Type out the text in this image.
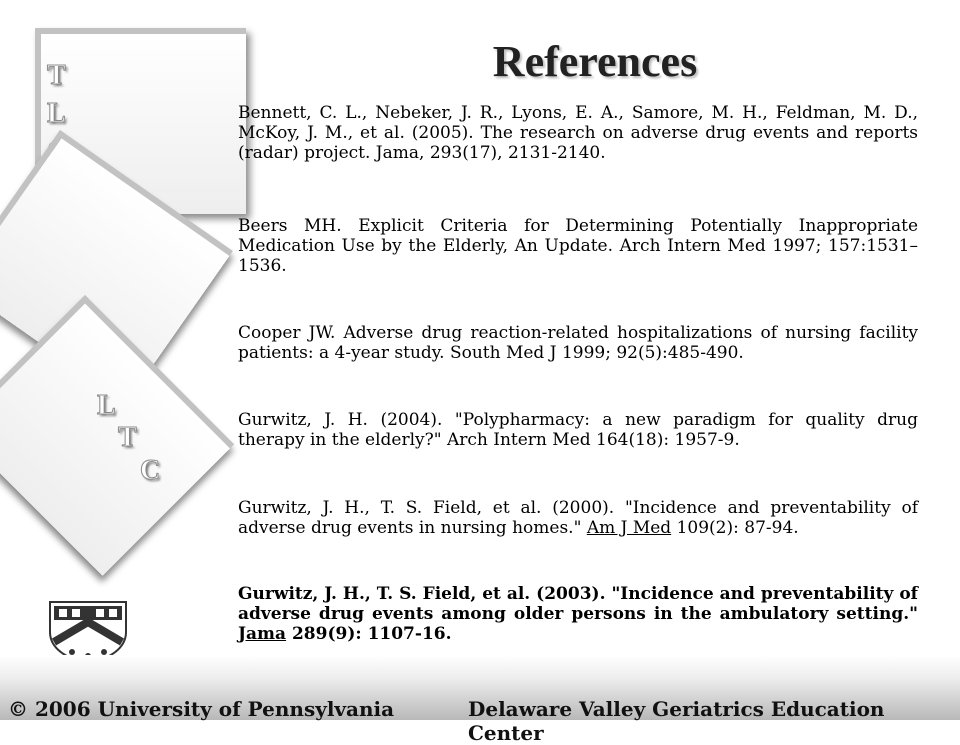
T
L
L
T
C
References
Bennett, C. L., Nebeker, J. R., Lyons, E. A., Samore, M. H., Feldman, M. D., McKoy, J. M., et al. (2005). The research on adverse drug events and reports (radar) project. Jama, 293(17), 2131-2140.
Beers MH. Explicit Criteria for Determining Potentially Inappropriate Medication Use by the Elderly, An Update. Arch Intern Med 1997; 157:1531– 1536.
Cooper JW. Adverse drug reaction-related hospitalizations of nursing facility patients: a 4-year study. South Med J 1999; 92(5):485-490.
Gurwitz, J. H. (2004). "Polypharmacy: a new paradigm for quality drug therapy in the elderly?" Arch Intern Med 164(18): 1957-9.
Gurwitz, J. H., T. S. Field, et al. (2000). "Incidence and preventability of adverse drug events in nursing homes." Am J Med 109(2): 87-94.
Gurwitz, J. H., T. S. Field, et al. (2003). "Incidence and preventability of adverse drug events among older persons in the ambulatory setting." Jama 289(9): 1107-16.
© 2006 University of Pennsylvania	Delaware Valley Geriatrics Education Center
